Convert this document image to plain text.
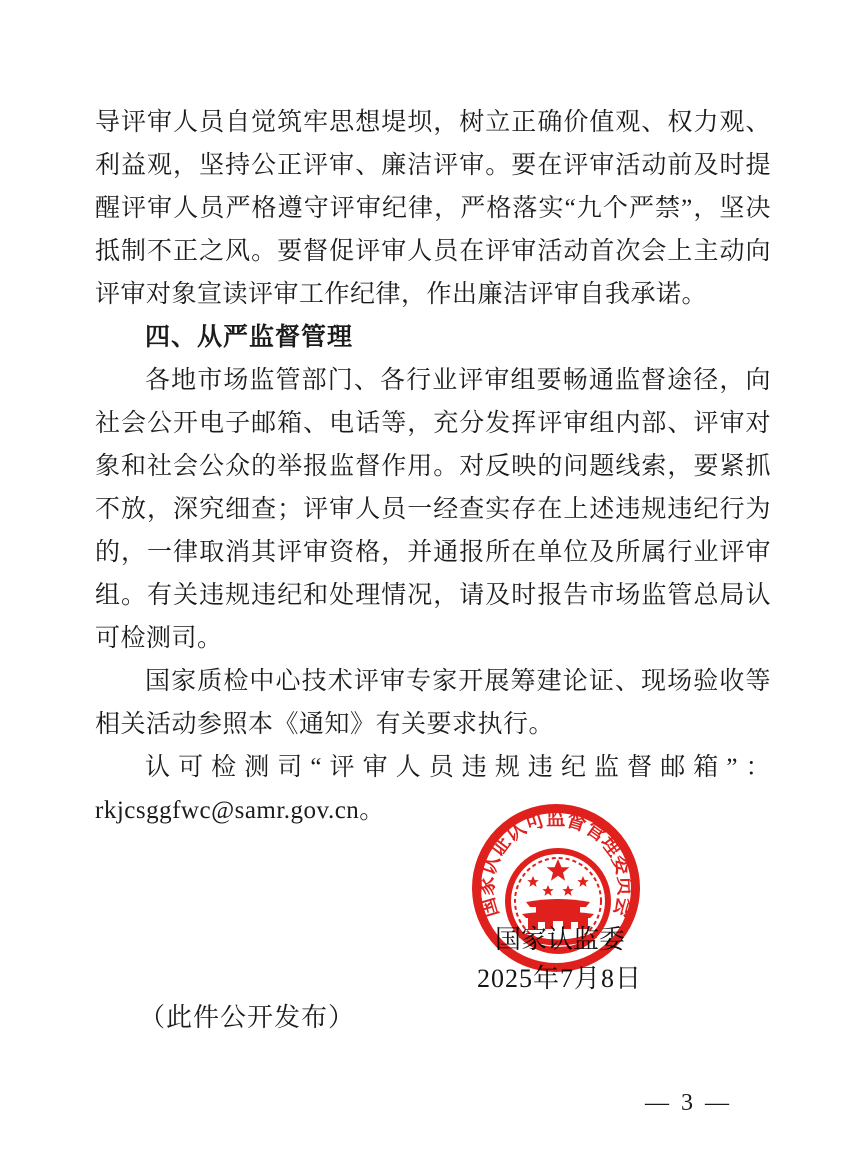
导评审人员自觉筑牢思想堤坝，树立正确价值观、权力观、利益观，坚持公正评审、廉洁评审。要在评审活动前及时提醒评审人员严格遵守评审纪律，严格落实“九个严禁”，坚决抵制不正之风。要督促评审人员在评审活动首次会上主动向评审对象宣读评审工作纪律，作出廉洁评审自我承诺。

四、从严监督管理

各地市场监管部门、各行业评审组要畅通监督途径，向社会公开电子邮箱、电话等，充分发挥评审组内部、评审对象和社会公众的举报监督作用。对反映的问题线索，要紧抓不放，深究细查；评审人员一经查实存在上述违规违纪行为的，一律取消其评审资格，并通报所在单位及所属行业评审组。有关违规违纪和处理情况，请及时报告市场监管总局认可检测司。

国家质检中心技术评审专家开展筹建论证、现场验收等相关活动参照本《通知》有关要求执行。

认可检测司“评审人员违规违纪监督邮箱”：rkjcsggfwc@samr.gov.cn。

国家认证认可监督管理委员会
国家认监委
2025年7月8日
（此件公开发布）
— 3 —
